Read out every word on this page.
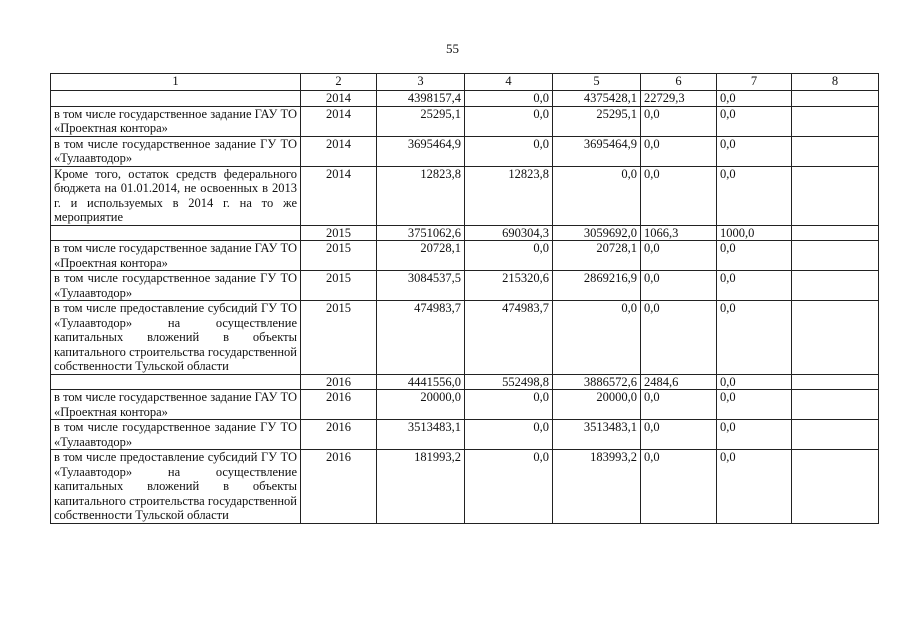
55
1	2	3	4	5	6	7	8
	2014	4398157,4	0,0	4375428,1	22729,3	0,0	
в том числе государственное задание ГАУ ТО «Проектная контора»	2014	25295,1	0,0	25295,1	0,0	0,0	
в том числе государственное задание ГУ ТО «Тулаавтодор»	2014	3695464,9	0,0	3695464,9	0,0	0,0	
Кроме того, остаток средств федерального бюджета на 01.01.2014, не освоенных в 2013 г. и используемых в 2014 г. на то же мероприятие	2014	12823,8	12823,8	0,0	0,0	0,0	
	2015	3751062,6	690304,3	3059692,0	1066,3	1000,0	
в том числе государственное задание ГАУ ТО «Проектная контора»	2015	20728,1	0,0	20728,1	0,0	0,0	
в том числе государственное задание ГУ ТО «Тулаавтодор»	2015	3084537,5	215320,6	2869216,9	0,0	0,0	
в том числе предоставление субсидий ГУ ТО «Тулаавтодор» на осуществление капитальных вложений в объекты капитального строительства государственной собственности Тульской области	2015	474983,7	474983,7	0,0	0,0	0,0	
	2016	4441556,0	552498,8	3886572,6	2484,6	0,0	
в том числе государственное задание ГАУ ТО «Проектная контора»	2016	20000,0	0,0	20000,0	0,0	0,0	
в том числе государственное задание ГУ ТО «Тулаавтодор»	2016	3513483,1	0,0	3513483,1	0,0	0,0	
в том числе предоставление субсидий ГУ ТО «Тулаавтодор» на осуществление капитальных вложений в объекты капитального строительства государственной собственности Тульской области	2016	181993,2	0,0	183993,2	0,0	0,0	
